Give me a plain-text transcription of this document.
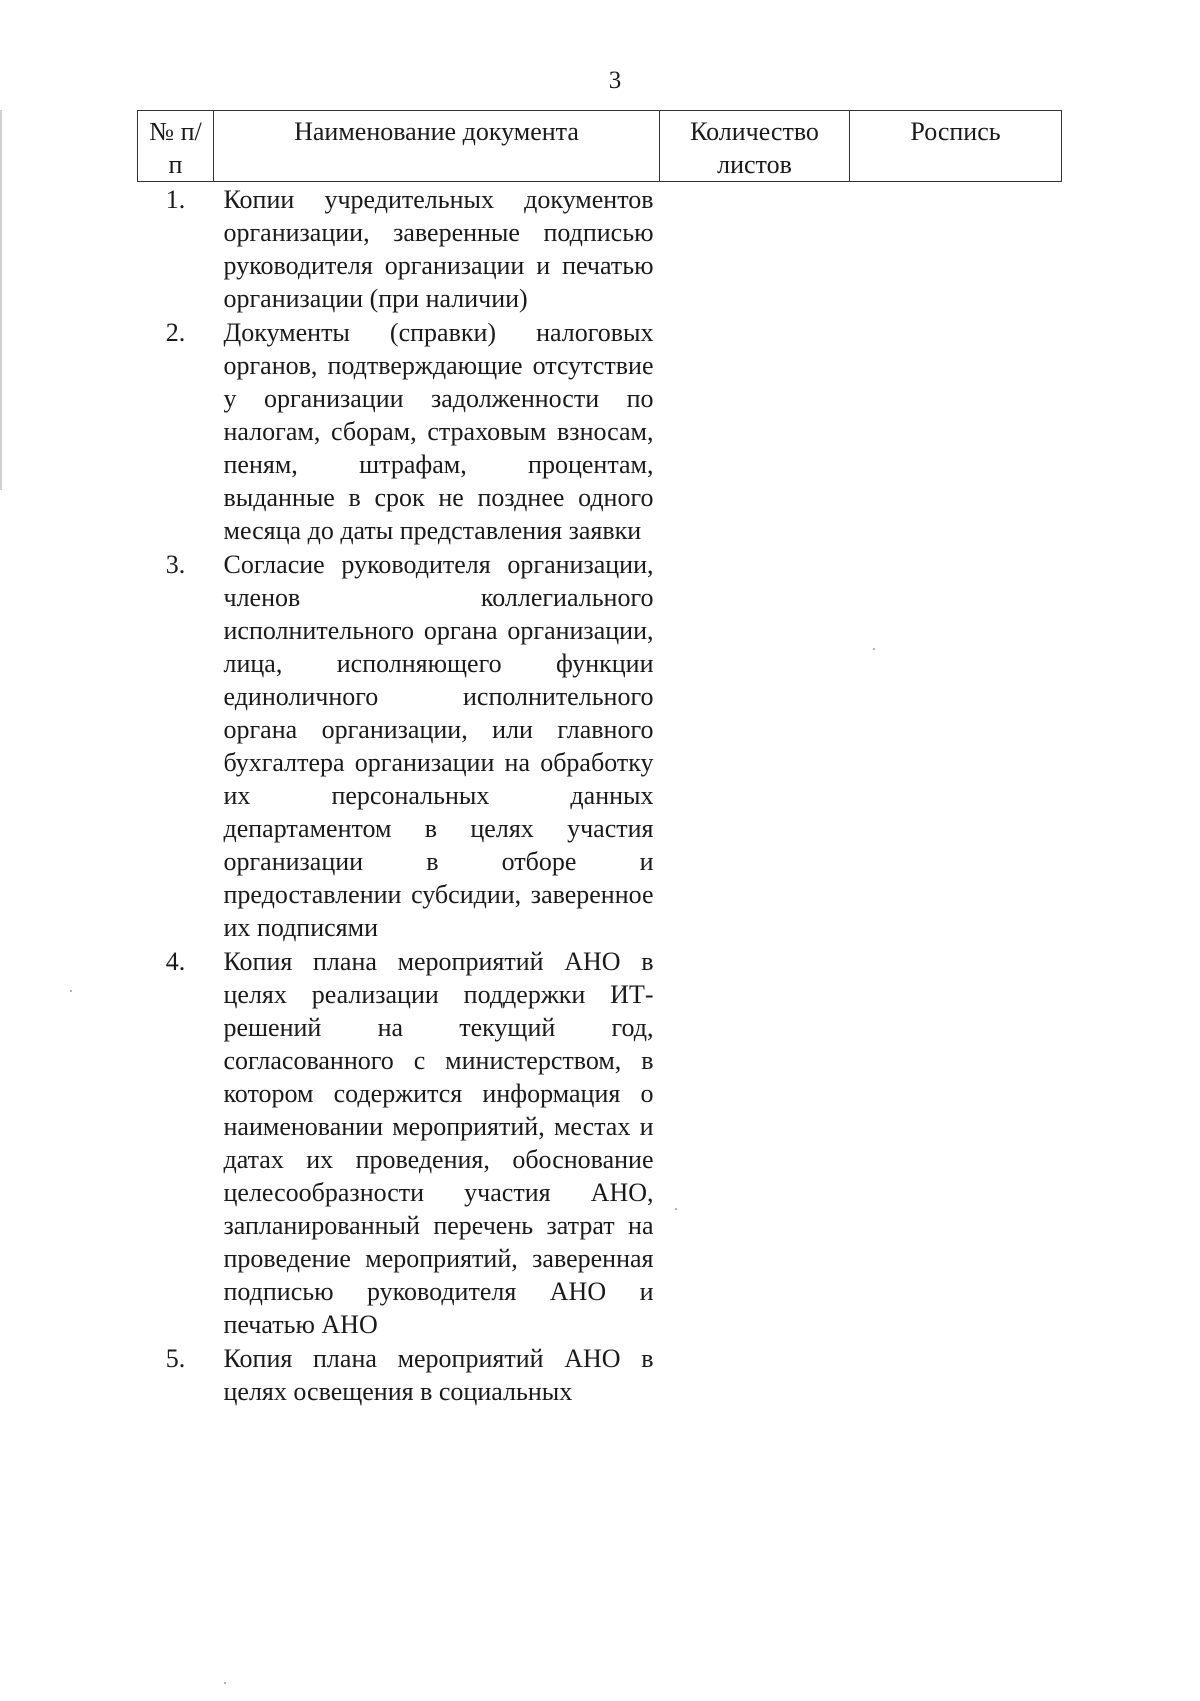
3
№ п/п	Наименование документа	Количество листов	Роспись
1.	Копии учредительных документов организации, заверенные подписью руководителя организации и печатью организации (при наличии)		
2.	Документы (справки) налоговых органов, подтверждающие отсутствие у организации задолженности по налогам, сборам, страховым взносам, пеням, штрафам, процентам, выданные в срок не позднее одного месяца до даты представления заявки		
3.	Согласие руководителя организации, членов коллегиального исполнительного органа организации, лица, исполняющего функции единоличного исполнительного органа организации, или главного бухгалтера организации на обработку их персональных данных департаментом в целях участия организации в отборе и предоставлении субсидии, заверенное их подписями		
4.	Копия плана мероприятий АНО в целях реализации поддержки ИТ-решений на текущий год, согласованного с министерством, в котором содержится информация о наименовании мероприятий, местах и датах их проведения, обоснование целесообразности участия АНО, запланированный перечень затрат на проведение мероприятий, заверенная подписью руководителя АНО и печатью АНО		
5.	Копия плана мероприятий АНО в целях освещения в социальных		
